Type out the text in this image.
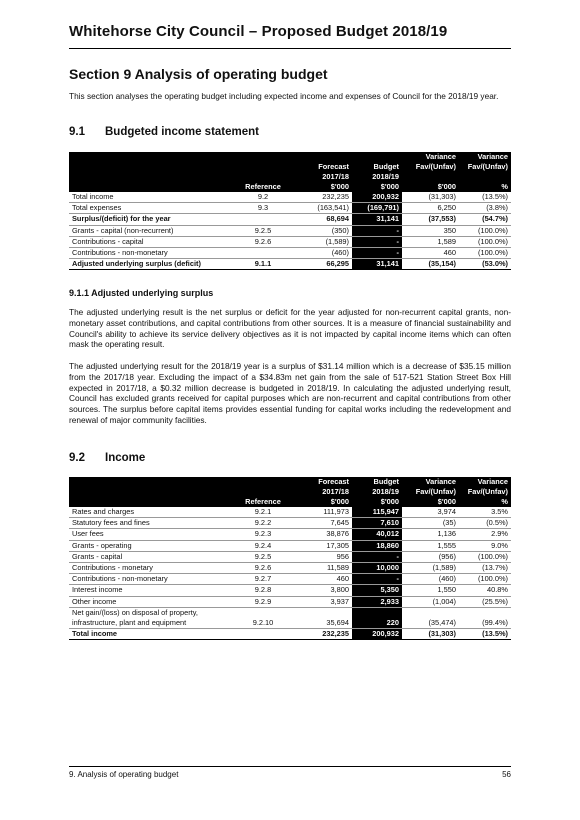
Whitehorse City Council – Proposed Budget 2018/19
Section 9 Analysis of operating budget
This section analyses the operating budget including expected income and expenses of Council for the 2018/19 year.
9.1 Budgeted income statement
				Variance	Variance
		Forecast	Budget	Fav/(Unfav)	Fav/(Unfav)
		2017/18	2018/19		
	Reference	$'000	$'000	$'000	%
Total income	9.2	232,235	200,932	(31,303)	(13.5%)
Total expenses	9.3	(163,541)	(169,791)	6,250	(3.8%)
Surplus/(deficit) for the year		68,694	31,141	(37,553)	(54.7%)
Grants - capital (non-recurrent)	9.2.5	(350)	-	350	(100.0%)
Contributions - capital	9.2.6	(1,589)	-	1,589	(100.0%)
Contributions - non-monetary		(460)	-	460	(100.0%)
Adjusted underlying surplus (deficit)	9.1.1	66,295	31,141	(35,154)	(53.0%)
9.1.1 Adjusted underlying surplus
The adjusted underlying result is the net surplus or deficit for the year adjusted for non-recurrent capital grants, non-monetary asset contributions, and capital contributions from other sources. It is a measure of financial sustainability and Council's ability to achieve its service delivery objectives as it is not impacted by capital income items which can often mask the operating result.
The adjusted underlying result for the 2018/19 year is a surplus of $31.14 million which is a decrease of $35.15 million from the 2017/18 year. Excluding the impact of a $34.83m net gain from the sale of 517-521 Station Street Box Hill expected in 2017/18, a $0.32 million decrease is budgeted in 2018/19. In calculating the adjusted underlying result, Council has excluded grants received for capital purposes which are non-recurrent and capital contributions from other sources. The surplus before capital items provides essential funding for capital works including the redevelopment and renewal of major community facilities.
9.2 Income
		Forecast	Budget	Variance	Variance
		2017/18	2018/19	Fav/(Unfav)	Fav/(Unfav)
	Reference	$'000	$'000	$'000	%
Rates and charges	9.2.1	111,973	115,947	3,974	3.5%
Statutory fees and fines	9.2.2	7,645	7,610	(35)	(0.5%)
User fees	9.2.3	38,876	40,012	1,136	2.9%
Grants - operating	9.2.4	17,305	18,860	1,555	9.0%
Grants - capital	9.2.5	956	-	(956)	(100.0%)
Contributions - monetary	9.2.6	11,589	10,000	(1,589)	(13.7%)
Contributions - non-monetary	9.2.7	460	-	(460)	(100.0%)
Interest income	9.2.8	3,800	5,350	1,550	40.8%
Other income	9.2.9	3,937	2,933	(1,004)	(25.5%)
Net gain/(loss) on disposal of property,					
infrastructure, plant and equipment	9.2.10	35,694	220	(35,474)	(99.4%)
Total income		232,235	200,932	(31,303)	(13.5%)
9. Analysis of operating budget	56
